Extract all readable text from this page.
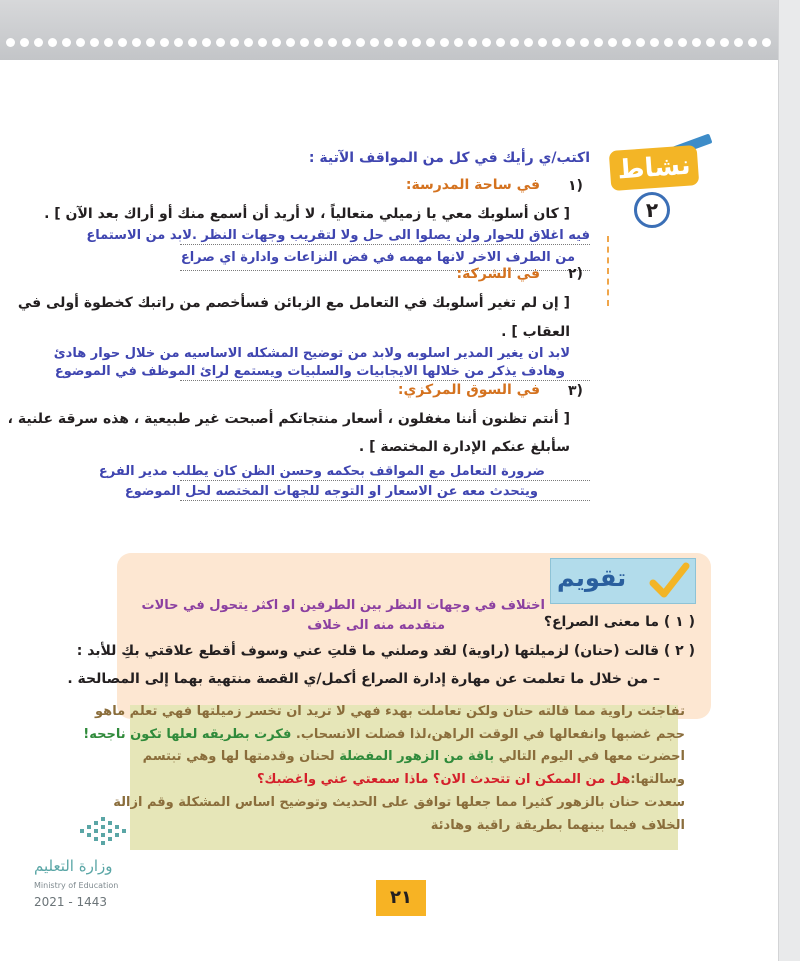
نشاط
٢
اكتب/ي رأيك في كل من المواقف الآتية :
١)
في ساحة المدرسة:
[ كان أسلوبك معي يا زميلي متعالياً ، لا أريد أن أسمع منك أو أراك بعد الآن ] .
فيه اغلاق للحوار ولن يصلوا الى حل ولا لتقريب وجهات النظر .لابد من الاستماع
من الطرف الاخر لانها مهمه في فض النزاعات وادارة اي صراع
٢)
في الشركة:
[ إن لم تغير أسلوبك في التعامل مع الزبائن فسأخصم من راتبك كخطوة أولى في
العقاب ] .
لابد ان يغير المدير اسلوبه ولابد من توضيح المشكله الاساسيه من خلال حوار هادئ
وهادف يذكر من خلالها الايجابيات والسلبيات ويستمع لرائ الموظف في الموضوع
٣)
في السوق المركزي:
[ أنتم تظنون أننا مغفلون ، أسعار منتجاتكم أصبحت غير طبيعية ، هذه سرقة علنية ،
سأبلغ عنكم الإدارة المختصة ] .
ضرورة التعامل مع المواقف بحكمه وحسن الظن كان يطلب مدير الفرع
ويتحدث معه عن الاسعار او التوجه للجهات المختصه لحل الموضوع
تقويم
اختلاف في وجهات النظر بين الطرفين او اكثر يتحول في حالات
( ١ ) ما معنى الصراع؟
متقدمه منه الى خلاف
( ٢ ) قالت (حنان) لزميلتها (راوية) لقد وصلني ما قلتِ عني وسوف أقطع علاقتي بكِ للأبد :
– من خلال ما تعلمت عن مهارة إدارة الصراع أكمل/ي القصة منتهية بهما إلى المصالحة .
تفاجئت راوية مما قالته حنان ولكن تعاملت بهدء فهي لا تريد ان تخسر زميلتها فهي تعلم ماهو
حجم غضبها وانفعالها في الوقت الراهن،لذا فضلت الانسحاب. فكرت بطريقه لعلها تكون ناجحه!
احضرت معها في اليوم التالي باقة من الزهور المفضلة لحنان وقدمتها لها وهي تبتسم
وسالتها:هل من الممكن ان تتحدث الان؟ ماذا سمعتي عني واغضبك؟
سعدت حنان بالزهور كثيرا مما جعلها توافق على الحديث وتوضيح اساس المشكلة وقم ازالة
الخلاف فيما بينهما بطريقة راقية وهادئة
وزارة التعليم
Ministry of Education
2021 - 1443	٢١
